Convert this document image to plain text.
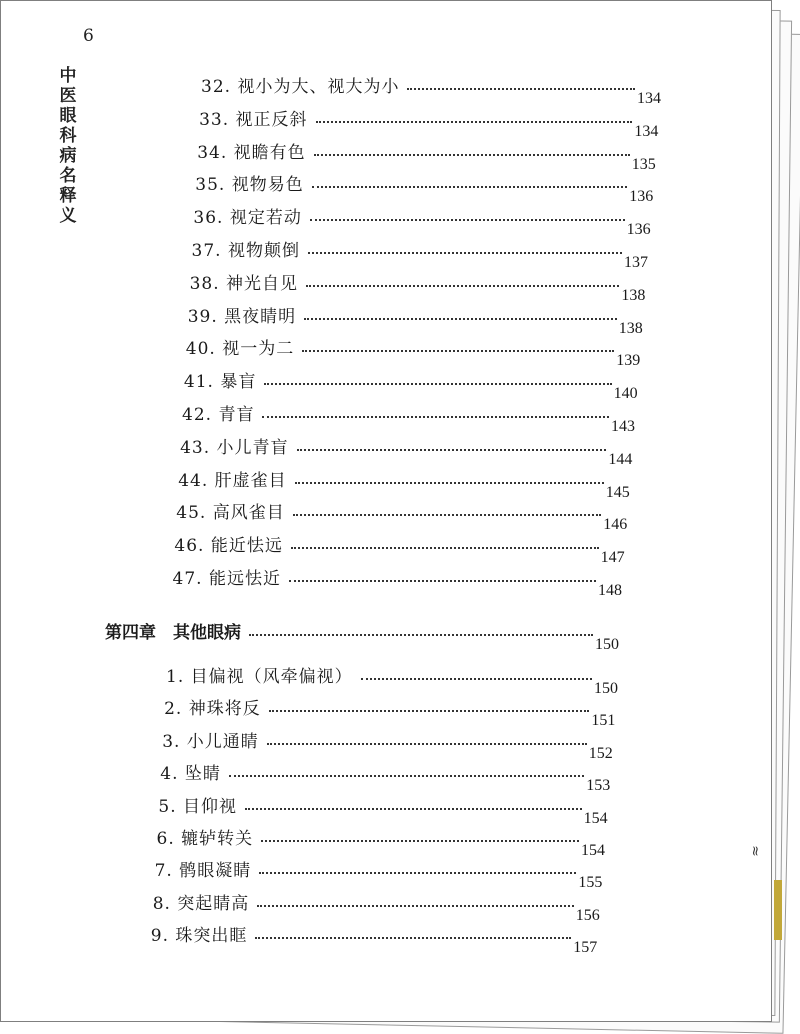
6
中
医
眼
科
病
名
释
义
≈
32. 视小为大、视大为小
134
33. 视正反斜
134
34. 视瞻有色
135
35. 视物易色
136
36. 视定若动
136
37. 视物颠倒
137
38. 神光自见
138
39. 黑夜睛明
138
40. 视一为二
139
41. 暴盲
140
42. 青盲
143
43. 小儿青盲
144
44. 肝虚雀目
145
45. 高风雀目
146
46. 能近怯远
147
47. 能远怯近
148
第四章　其他眼病
150
1. 目偏视（风牵偏视）
150
2. 神珠将反
151
3. 小儿通睛
152
4. 坠睛
153
5. 目仰视
154
6. 辘轳转关
154
7. 鹘眼凝睛
155
8. 突起睛高
156
9. 珠突出眶
157
